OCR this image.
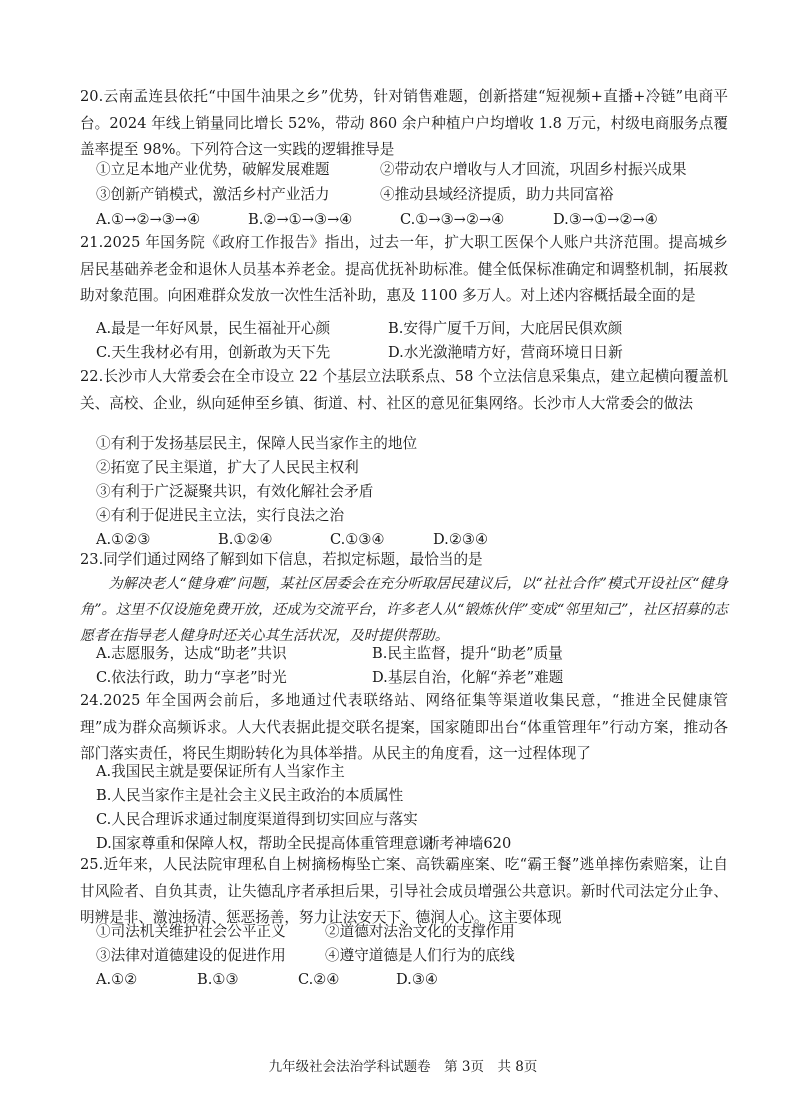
20.云南孟连县依托“中国牛油果之乡”优势，针对销售难题，创新搭建“短视频+直播+冷链”电商平台。2024 年线上销量同比增长 52%，带动 860 余户种植户户均增收 1.8 万元，村级电商服务点覆盖率提至 98%。下列符合这一实践的逻辑推导是
①立足本地产业优势，破解发展难题	②带动农户增收与人才回流，巩固乡村振兴成果
③创新产销模式，激活乡村产业活力	④推动县域经济提质，助力共同富裕
A.①→②→③→④	B.②→①→③→④	C.①→③→②→④	D.③→①→②→④
21.2025 年国务院《政府工作报告》指出，过去一年，扩大职工医保个人账户共济范围。提高城乡居民基础养老金和退休人员基本养老金。提高优抚补助标准。健全低保标准确定和调整机制，拓展救助对象范围。向困难群众发放一次性生活补助，惠及 1100 多万人。对上述内容概括最全面的是
A.最是一年好风景，民生福祉开心颜	B.安得广厦千万间，大庇居民俱欢颜
C.天生我材必有用，创新敢为天下先	D.水光潋滟晴方好，营商环境日日新
22.长沙市人大常委会在全市设立 22 个基层立法联系点、58 个立法信息采集点，建立起横向覆盖机关、高校、企业，纵向延伸至乡镇、街道、村、社区的意见征集网络。长沙市人大常委会的做法
①有利于发扬基层民主，保障人民当家作主的地位
②拓宽了民主渠道，扩大了人民民主权利
③有利于广泛凝聚共识，有效化解社会矛盾
④有利于促进民主立法，实行良法之治
A.①②③	B.①②④	C.①③④	D.②③④
23.同学们通过网络了解到如下信息，若拟定标题，最恰当的是
为解决老人“健身难”问题，某社区居委会在充分听取居民建议后，以“社社合作”模式开设社区“健身角”。这里不仅设施免费开放，还成为交流平台，许多老人从“锻炼伙伴”变成“邻里知己”，社区招募的志愿者在指导老人健身时还关心其生活状况，及时提供帮助。
A.志愿服务，达成“助老”共识	B.民主监督，提升“助老”质量
C.依法行政，助力“享老”时光	D.基层自治，化解“养老”难题
24.2025 年全国两会前后，多地通过代表联络站、网络征集等渠道收集民意，“推进全民健康管理”成为群众高频诉求。人大代表据此提交联名提案，国家随即出台“体重管理年”行动方案，推动各部门落实责任，将民生期盼转化为具体举措。从民主的角度看，这一过程体现了
A.我国民主就是要保证所有人当家作主
B.人民当家作主是社会主义民主政治的本质属性
C.人民合理诉求通过制度渠道得到切实回应与落实
D.国家尊重和保障人权，帮助全民提高体重管理意识
浙考神墙620
25.近年来，人民法院审理私自上树摘杨梅坠亡案、高铁霸座案、吃“霸王餐”逃单摔伤索赔案，让自甘风险者、自负其责，让失德乱序者承担后果，引导社会成员增强公共意识。新时代司法定分止争、明辨是非、激浊扬清、惩恶扬善，努力让法安天下、德润人心。这主要体现
①司法机关维护社会公平正义	②道德对法治文化的支撑作用
③法律对道德建设的促进作用	④遵守道德是人们行为的底线
A.①②	B.①③	C.②④	D.③④
九年级社会法治学科试题卷　第 3页　共 8页
